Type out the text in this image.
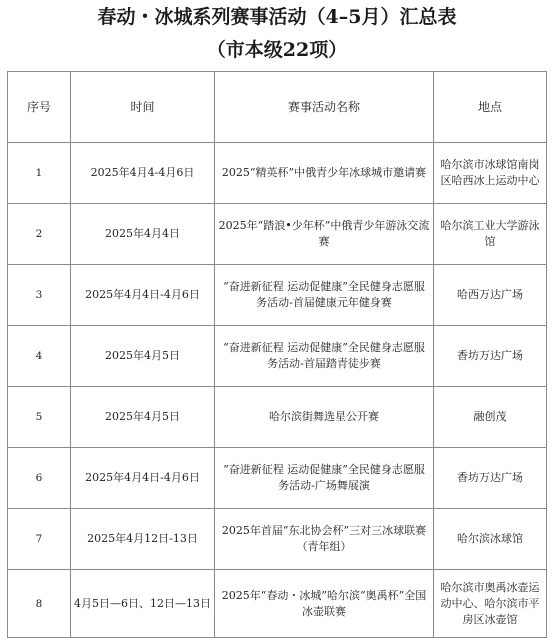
春动・冰城系列赛事活动（4–5月）汇总表
（市本级22项）
序号	时间	赛事活动名称	地点
1	2025年4月4-4月6日	2025“精英杯”中俄青少年冰球城市邀请赛	哈尔滨市冰球馆南岗区哈西冰上运动中心
2	2025年4月4日	2025年“踏浪•少年杯”中俄青少年游泳交流赛	哈尔滨工业大学游泳馆
3	2025年4月4日-4月6日	“奋进新征程 运动促健康”全民健身志愿服务活动-首届健康元年健身赛	哈西万达广场
4	2025年4月5日	“奋进新征程 运动促健康”全民健身志愿服务活动-首届踏青徒步赛	香坊万达广场
5	2025年4月5日	哈尔滨街舞选星公开赛	融创茂
6	2025年4月4日-4月6日	“奋进新征程 运动促健康”全民健身志愿服务活动-广场舞展演	香坊万达广场
7	2025年4月12日-13日	2025年首届“东北协会杯”三对三冰球联赛（青年组）	哈尔滨冰球馆
8	4月5日—6日、12日—13日	2025年“春动・冰城”哈尔滨“奥禹杯”全国冰壶联赛	哈尔滨市奥禹冰壶运动中心、哈尔滨市平房区冰壶馆
